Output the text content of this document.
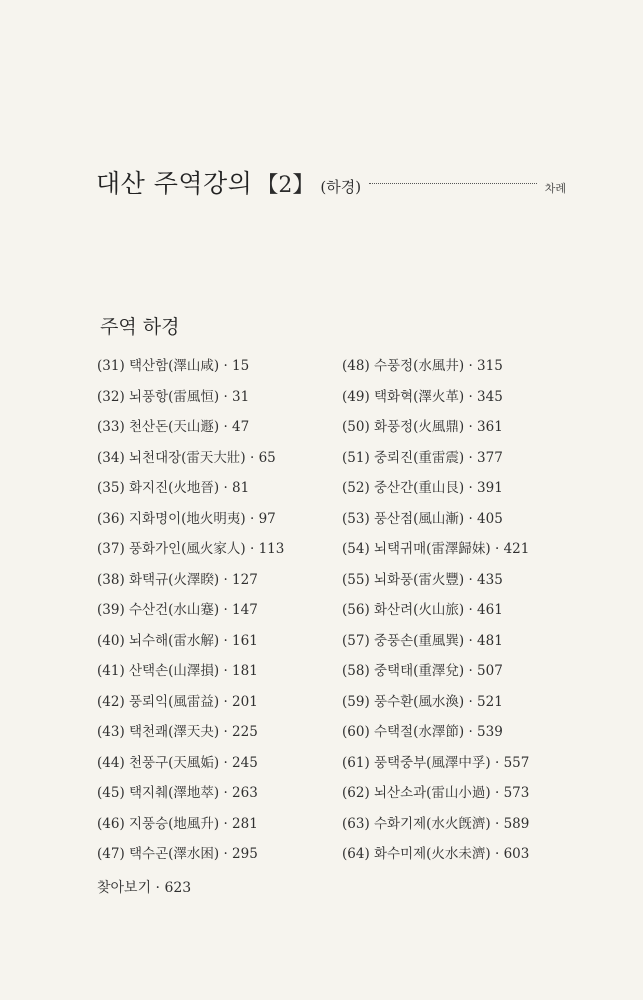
대산 주역강의 【2】 (하경)	차례
주역 하경
(31) 택산함(澤山咸) · 15
(32) 뇌풍항(雷風恒) · 31
(33) 천산돈(天山遯) · 47
(34) 뇌천대장(雷天大壯) · 65
(35) 화지진(火地晉) · 81
(36) 지화명이(地火明夷) · 97
(37) 풍화가인(風火家人) · 113
(38) 화택규(火澤睽) · 127
(39) 수산건(水山蹇) · 147
(40) 뇌수해(雷水解) · 161
(41) 산택손(山澤損) · 181
(42) 풍뢰익(風雷益) · 201
(43) 택천쾌(澤天夬) · 225
(44) 천풍구(天風姤) · 245
(45) 택지췌(澤地萃) · 263
(46) 지풍승(地風升) · 281
(47) 택수곤(澤水困) · 295
(48) 수풍정(水風井) · 315
(49) 택화혁(澤火革) · 345
(50) 화풍정(火風鼎) · 361
(51) 중뢰진(重雷震) · 377
(52) 중산간(重山艮) · 391
(53) 풍산점(風山漸) · 405
(54) 뇌택귀매(雷澤歸妹) · 421
(55) 뇌화풍(雷火豐) · 435
(56) 화산려(火山旅) · 461
(57) 중풍손(重風巽) · 481
(58) 중택태(重澤兌) · 507
(59) 풍수환(風水渙) · 521
(60) 수택절(水澤節) · 539
(61) 풍택중부(風澤中孚) · 557
(62) 뇌산소과(雷山小過) · 573
(63) 수화기제(水火旣濟) · 589
(64) 화수미제(火水未濟) · 603
찾아보기 · 623
